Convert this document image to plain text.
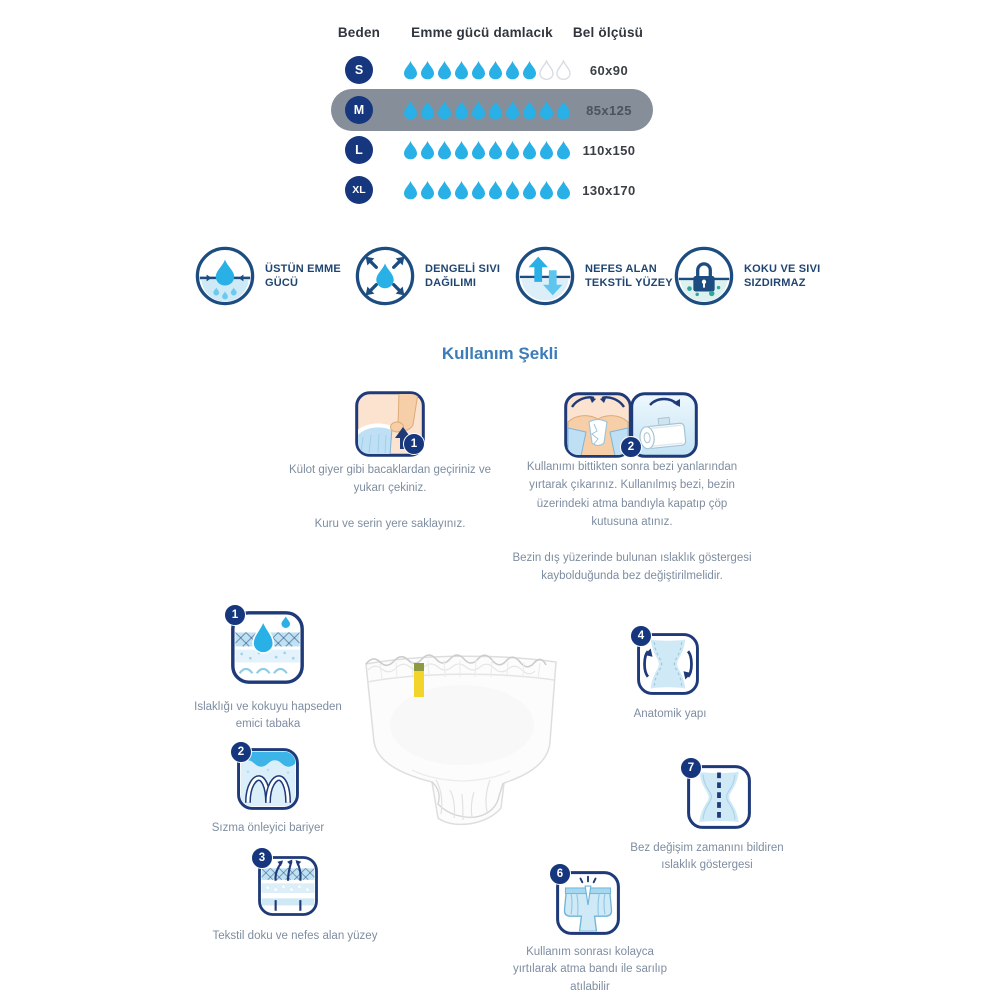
Beden	Emme gücü damlacık	Bel ölçüsü
S	60x90
M	85x125
L	110x150
XL	130x170
ÜSTÜN EMME GÜCÜ
DENGELİ SIVI DAĞILIMI
NEFES ALAN TEKSTİL YÜZEY
KOKU VE SIVI SIZDIRMAZ
Kullanım Şekli
1	2

Külot giyer gibi bacaklardan geçiriniz ve yukarı çekiniz.

Kuru ve serin yere saklayınız.

Kullanımı bittikten sonra bezi yanlarından yırtarak çıkarınız. Kullanılmış bezi, bezin üzerindeki atma bandıyla kapatıp çöp kutusuna atınız.

Bezin dış yüzerinde bulunan ıslaklık göstergesi kaybolduğunda bez değiştirilmelidir.

1
Islaklığı ve kokuyu hapseden emici tabaka
2
Sızma önleyici bariyer
3
Tekstil doku ve nefes alan yüzey
4
Anatomik yapı
7
Bez değişim zamanını bildiren ıslaklık göstergesi
6
Kullanım sonrası kolayca yırtılarak atma bandı ile sarılıp atılabilir
